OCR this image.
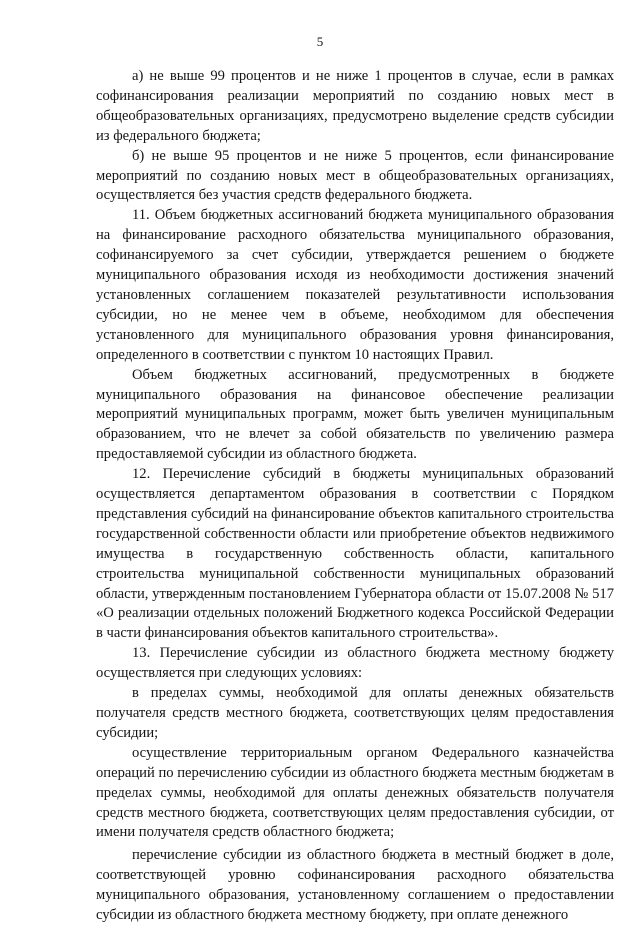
5

а) не выше 99 процентов и не ниже 1 процентов в случае, если в рамках софинансирования реализации мероприятий по созданию новых мест в общеобразовательных организациях, предусмотрено выделение средств субсидии из федерального бюджета;

б) не выше 95 процентов и не ниже 5 процентов, если финансирование мероприятий по созданию новых мест в общеобразовательных организациях, осуществляется без участия средств федерального бюджета.

11. Объем бюджетных ассигнований бюджета муниципального образования на финансирование расходного обязательства муниципального образования, софинансируемого за счет субсидии, утверждается решением о бюджете муниципального образования исходя из необходимости достижения значений установленных соглашением показателей результативности использования субсидии, но не менее чем в объеме, необходимом для обеспечения установленного для муниципального образования уровня финансирования, определенного в соответствии с пунктом 10 настоящих Правил.

Объем бюджетных ассигнований, предусмотренных в бюджете муниципального образования на финансовое обеспечение реализации мероприятий муниципальных программ, может быть увеличен муниципальным образованием, что не влечет за собой обязательств по увеличению размера предоставляемой субсидии из областного бюджета.

12. Перечисление субсидий в бюджеты муниципальных образований осуществляется департаментом образования в соответствии с Порядком представления субсидий на финансирование объектов капитального строительства государственной собственности области или приобретение объектов недвижимого имущества в государственную собственность области, капитального строительства муниципальной собственности муниципальных образований области, утвержденным постановлением Губернатора области от 15.07.2008 № 517 «О реализации отдельных положений Бюджетного кодекса Российской Федерации в части финансирования объектов капитального строительства».

13. Перечисление субсидии из областного бюджета местному бюджету осуществляется при следующих условиях:

в пределах суммы, необходимой для оплаты денежных обязательств получателя средств местного бюджета, соответствующих целям предоставления субсидии;

осуществление территориальным органом Федерального казначейства операций по перечислению субсидии из областного бюджета местным бюджетам в пределах суммы, необходимой для оплаты денежных обязательств получателя средств местного бюджета, соответствующих целям предоставления субсидии, от имени получателя средств областного бюджета;

перечисление субсидии из областного бюджета в местный бюджет в доле, соответствующей уровню софинансирования расходного обязательства муниципального образования, установленному соглашением о предоставлении субсидии из областного бюджета местному бюджету, при оплате денежного
